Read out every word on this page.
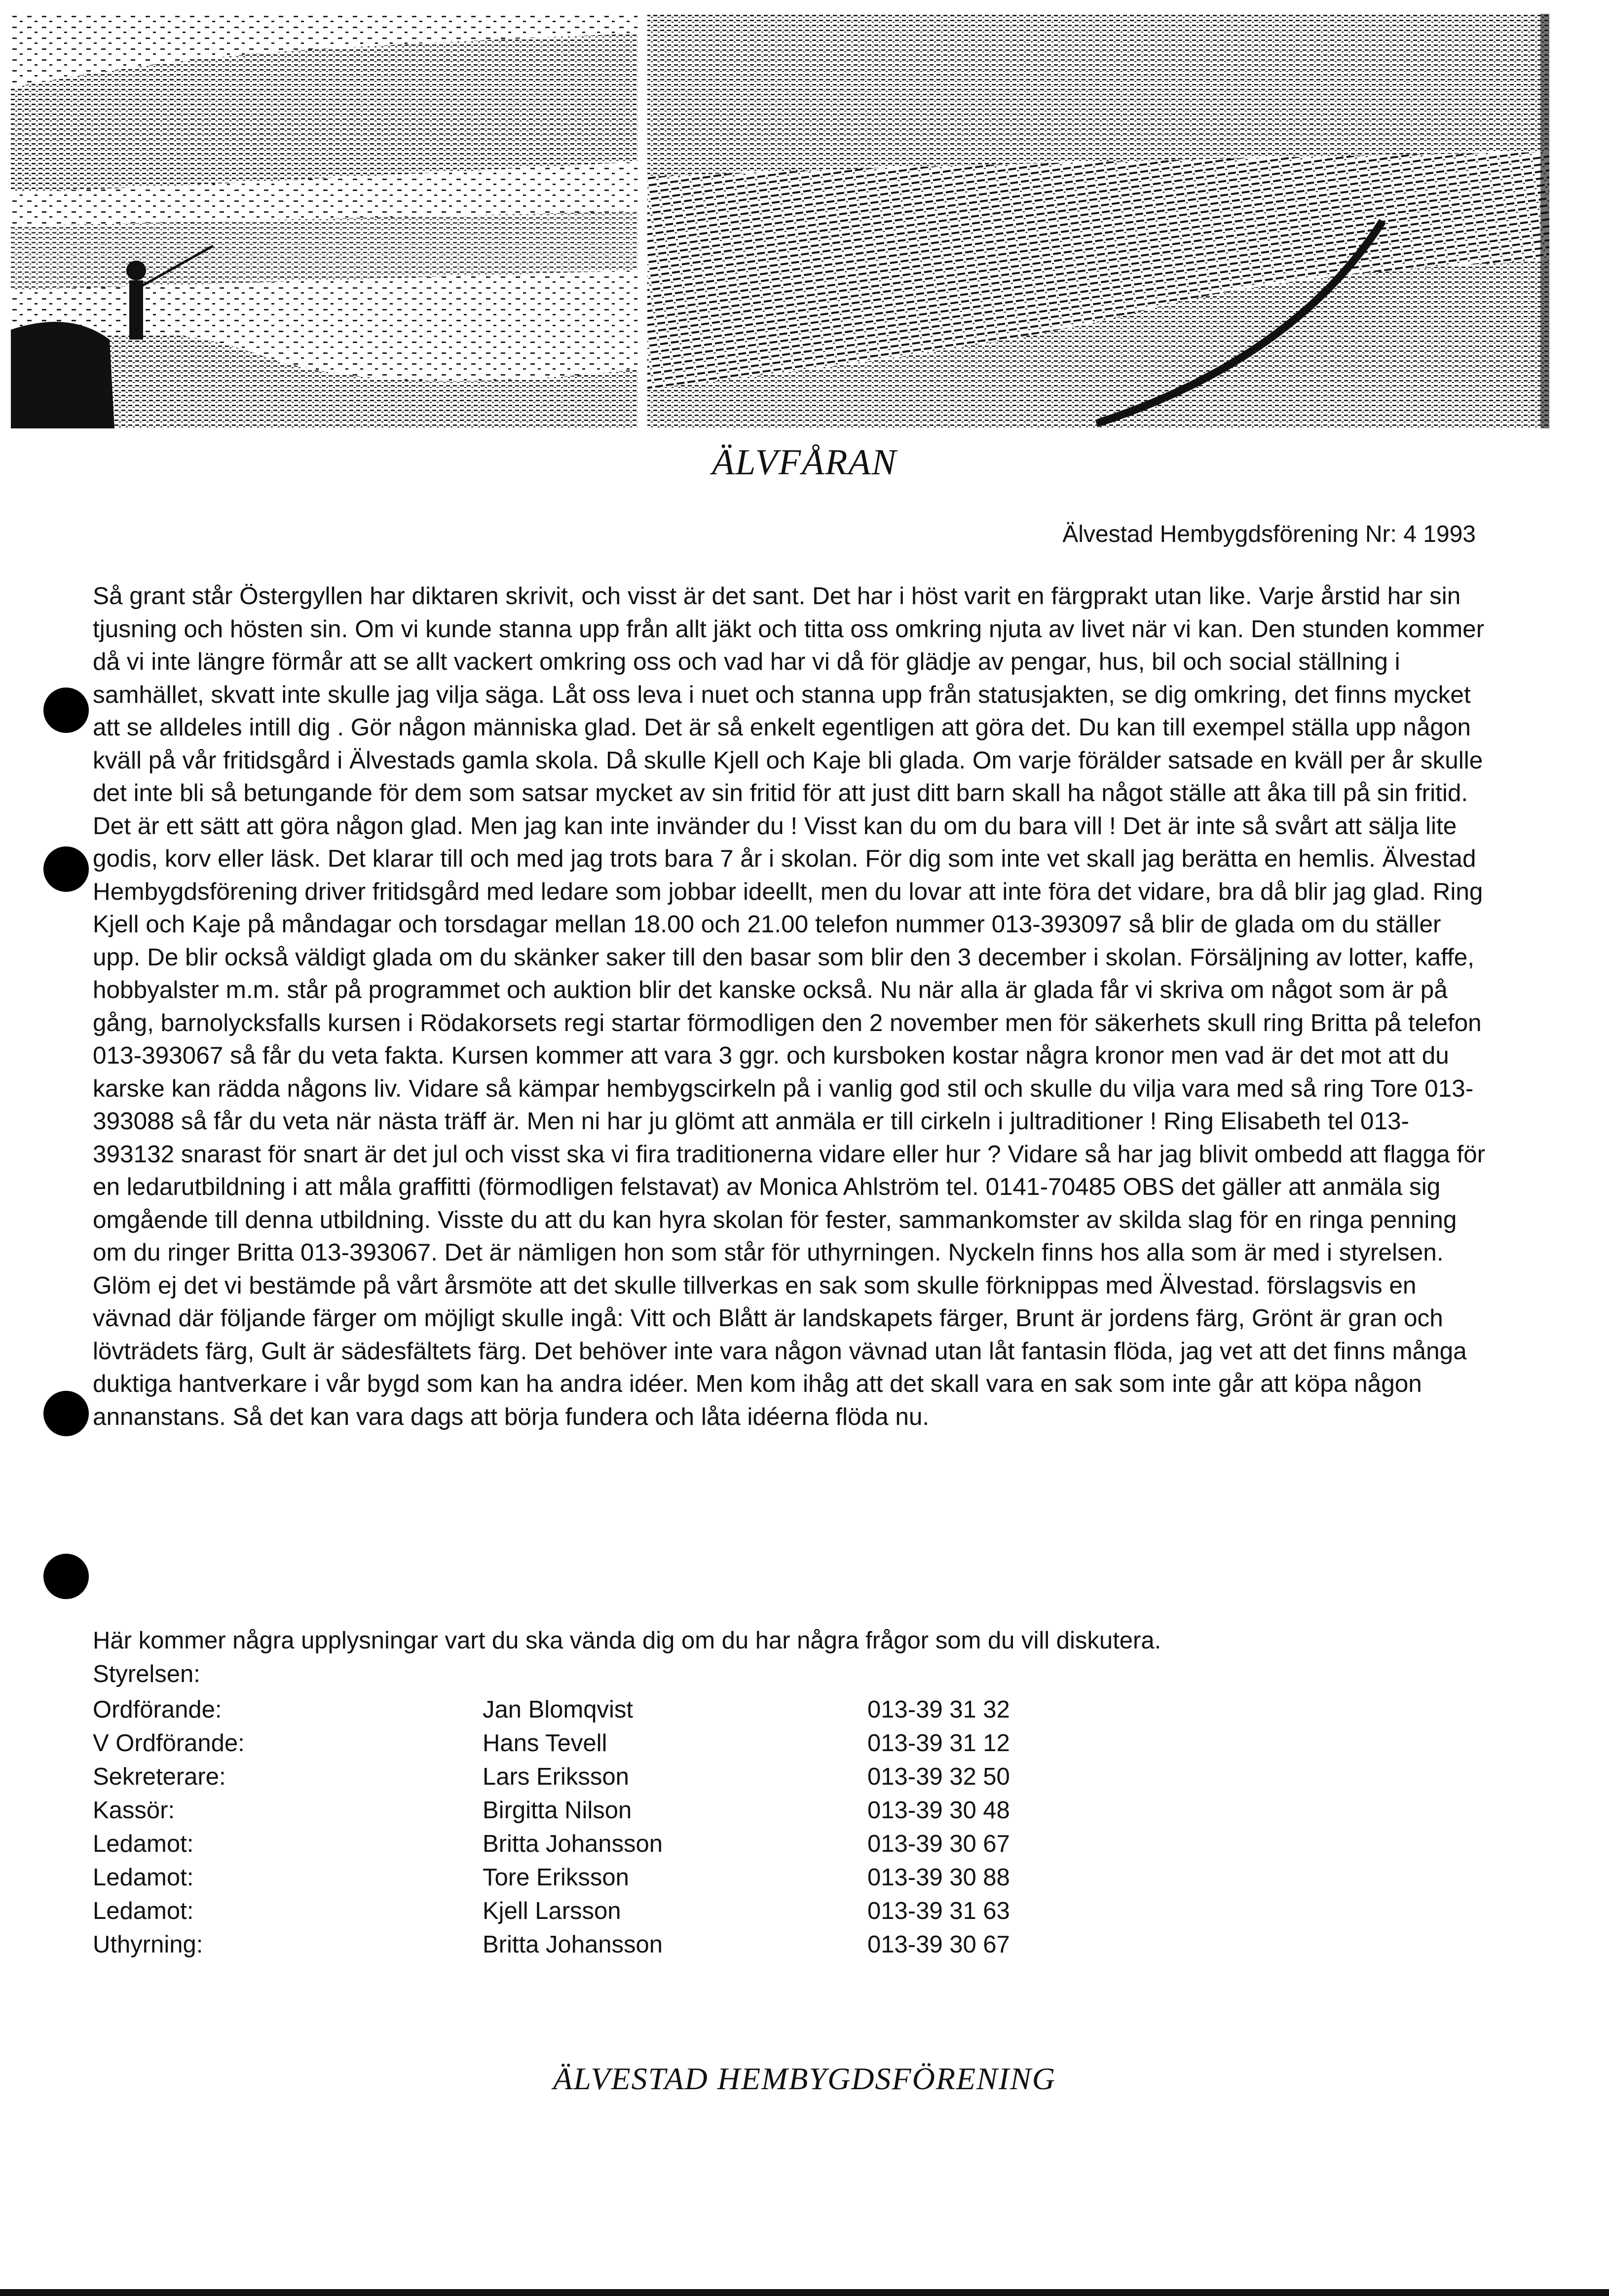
ÄLVFÅRAN
Älvestad Hembygdsförening Nr: 4 1993

Så grant står Östergyllen har diktaren skrivit, och visst är det sant. Det har i höst varit en färgprakt utan like. Varje årstid har sin tjusning och hösten sin. Om vi kunde stanna upp från allt jäkt och titta oss omkring njuta av livet när vi kan. Den stunden kommer då vi inte längre förmår att se allt vackert omkring oss och vad har vi då för glädje av pengar, hus, bil och social ställning i samhället, skvatt inte skulle jag vilja säga. Låt oss leva i nuet och stanna upp från statusjakten, se dig omkring, det finns mycket att se alldeles intill dig . Gör någon människa glad. Det är så enkelt egentligen att göra det. Du kan till exempel ställa upp någon kväll på vår fritidsgård i Älvestads gamla skola. Då skulle Kjell och Kaje bli glada. Om varje förälder satsade en kväll per år skulle det inte bli så betungande för dem som satsar mycket av sin fritid för att just ditt barn skall ha något ställe att åka till på sin fritid. Det är ett sätt att göra någon glad. Men jag kan inte invänder du ! Visst kan du om du bara vill ! Det är inte så svårt att sälja lite godis, korv eller läsk. Det klarar till och med jag trots bara 7 år i skolan. För dig som inte vet skall jag berätta en hemlis. Älvestad Hembygdsförening driver fritidsgård med ledare som jobbar ideellt, men du lovar att inte föra det vidare, bra då blir jag glad. Ring Kjell och Kaje på måndagar och torsdagar mellan 18.00 och 21.00 telefon nummer 013-393097 så blir de glada om du ställer upp. De blir också väldigt glada om du skänker saker till den basar som blir den 3 december i skolan. Försäljning av lotter, kaffe, hobbyalster m.m. står på programmet och auktion blir det kanske också. Nu när alla är glada får vi skriva om något som är på gång, barnolycksfalls kursen i Rödakorsets regi startar förmodligen den 2 november men för säkerhets skull ring Britta på telefon 013-393067 så får du veta fakta. Kursen kommer att vara 3 ggr. och kursboken kostar några kronor men vad är det mot att du karske kan rädda någons liv. Vidare så kämpar hembygscirkeln på i vanlig god stil och skulle du vilja vara med så ring Tore 013-393088 så får du veta när nästa träff är. Men ni har ju glömt att anmäla er till cirkeln i jultraditioner ! Ring Elisabeth tel 013-393132 snarast för snart är det jul och visst ska vi fira traditionerna vidare eller hur ? Vidare så har jag blivit ombedd att flagga för en ledarutbildning i att måla graffitti (förmodligen felstavat) av Monica Ahlström tel. 0141-70485 OBS det gäller att anmäla sig omgående till denna utbildning. Visste du att du kan hyra skolan för fester, sammankomster av skilda slag för en ringa penning om du ringer Britta 013-393067. Det är nämligen hon som står för uthyrningen. Nyckeln finns hos alla som är med i styrelsen.

Glöm ej det vi bestämde på vårt årsmöte att det skulle tillverkas en sak som skulle förknippas med Älvestad. förslagsvis en vävnad där följande färger om möjligt skulle ingå: Vitt och Blått är landskapets färger, Brunt är jordens färg, Grönt är gran och lövträdets färg, Gult är sädesfältets färg. Det behöver inte vara någon vävnad utan låt fantasin flöda, jag vet att det finns många duktiga hantverkare i vår bygd som kan ha andra idéer. Men kom ihåg att det skall vara en sak som inte går att köpa någon annanstans. Så det kan vara dags att börja fundera och låta idéerna flöda nu.

Här kommer några upplysningar vart du ska vända dig om du har några frågor som du vill diskutera.
Styrelsen:
Ordförande:	Jan Blomqvist	013-39 31 32
V Ordförande:	Hans Tevell	013-39 31 12
Sekreterare:	Lars Eriksson	013-39 32 50
Kassör:	Birgitta Nilson	013-39 30 48
Ledamot:	Britta Johansson	013-39 30 67
Ledamot:	Tore Eriksson	013-39 30 88
Ledamot:	Kjell Larsson	013-39 31 63
Uthyrning:	Britta Johansson	013-39 30 67
ÄLVESTAD HEMBYGDSFÖRENING
